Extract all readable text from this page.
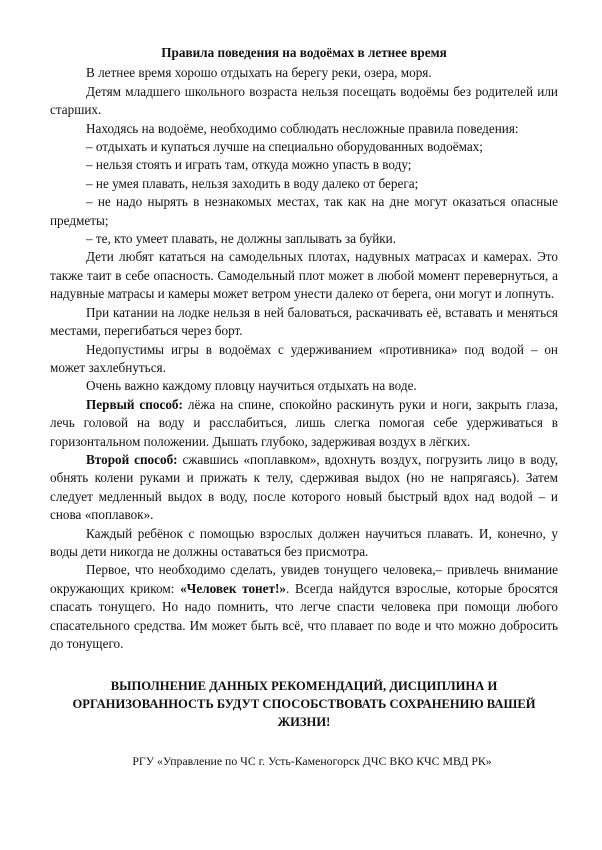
Правила поведения на водоёмах в летнее время

В летнее время хорошо отдыхать на берегу реки, озера, моря.

Детям младшего школьного возраста нельзя посещать водоёмы без родителей или старших.

Находясь на водоёме, необходимо соблюдать несложные правила поведения:

– отдыхать и купаться лучше на специально оборудованных водоёмах;

– нельзя стоять и играть там, откуда можно упасть в воду;

– не умея плавать, нельзя заходить в воду далеко от берега;

– не надо нырять в незнакомых местах, так как на дне могут оказаться опасные предметы;

– те, кто умеет плавать, не должны заплывать за буйки.

Дети любят кататься на самодельных плотах, надувных матрасах и камерах. Это также таит в себе опасность. Самодельный плот может в любой момент перевернуться, а надувные матрасы и камеры может ветром унести далеко от берега, они могут и лопнуть.

При катании на лодке нельзя в ней баловаться, раскачивать её, вставать и меняться местами, перегибаться через борт.

Недопустимы игры в водоёмах с удерживанием «противника» под водой – он может захлебнуться.

Очень важно каждому пловцу научиться отдыхать на воде.

Первый способ: лёжа на спине, спокойно раскинуть руки и ноги, закрыть глаза, лечь головой на воду и расслабиться, лишь слегка помогая себе удерживаться в горизонтальном положении. Дышать глубоко, задерживая воздух в лёгких.

Второй способ: сжавшись «поплавком», вдохнуть воздух, погрузить лицо в воду, обнять колени руками и прижать к телу, сдерживая выдох (но не напрягаясь). Затем следует медленный выдох в воду, после которого новый быстрый вдох над водой – и снова «поплавок».

Каждый ребёнок с помощью взрослых должен научиться плавать. И, конечно, у воды дети никогда не должны оставаться без присмотра.

Первое, что необходимо сделать, увидев тонущего человека,– привлечь внимание окружающих криком: «Человек тонет!». Всегда найдутся взрослые, которые бросятся спасать тонущего. Но надо помнить, что легче спасти человека при помощи любого спасательного средства. Им может быть всё, что плавает по воде и что можно добросить до тонущего.

ВЫПОЛНЕНИЕ ДАННЫХ РЕКОМЕНДАЦИЙ, ДИСЦИПЛИНА И ОРГАНИЗОВАННОСТЬ БУДУТ СПОСОБСТВОВАТЬ СОХРАНЕНИЮ ВАШЕЙ ЖИЗНИ!
РГУ «Управление по ЧС г. Усть-Каменогорск ДЧС ВКО КЧС МВД РК»
